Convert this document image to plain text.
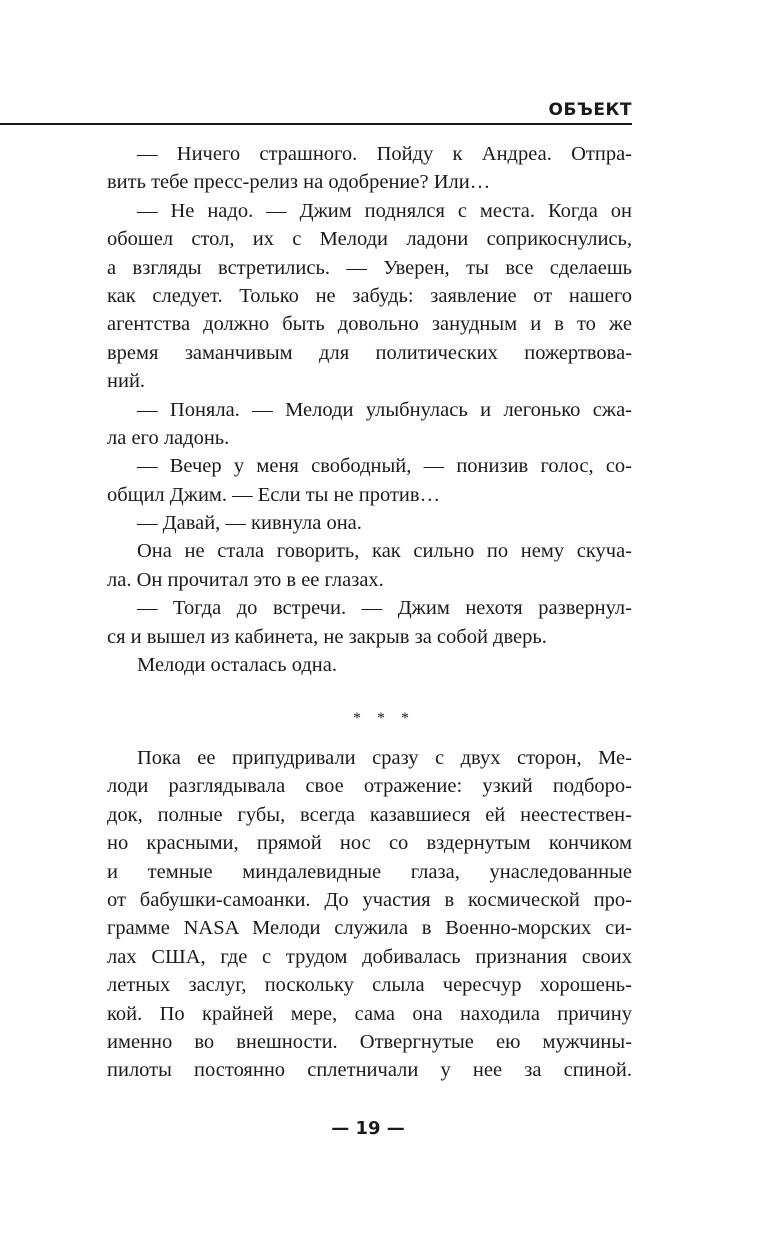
ОБЪЕКТ
— Ничего страшного. Пойду к Андреа. Отпра-
вить тебе пресс-релиз на одобрение? Или…
— Не надо. — Джим поднялся с места. Когда он
обошел стол, их с Мелоди ладони соприкоснулись,
а взгляды встретились. — Уверен, ты все сделаешь
как следует. Только не забудь: заявление от нашего
агентства должно быть довольно занудным и в то же
время заманчивым для политических пожертвова-
ний.
— Поняла. — Мелоди улыбнулась и легонько сжа-
ла его ладонь.
— Вечер у меня свободный, — понизив голос, со-
общил Джим. — Если ты не против…
— Давай, — кивнула она.
Она не стала говорить, как сильно по нему скуча-
ла. Он прочитал это в ее глазах.
— Тогда до встречи. — Джим нехотя развернул-
ся и вышел из кабинета, не закрыв за собой дверь.
Мелоди осталась одна.
* * *
Пока ее припудривали сразу с двух сторон, Ме-
лоди разглядывала свое отражение: узкий подборо-
док, полные губы, всегда казавшиеся ей неестествен-
но красными, прямой нос со вздернутым кончиком
и темные миндалевидные глаза, унаследованные
от бабушки-самоанки. До участия в космической про-
грамме NASA Мелоди служила в Военно-морских си-
лах США, где с трудом добивалась признания своих
летных заслуг, поскольку слыла чересчур хорошень-
кой. По крайней мере, сама она находила причину
именно во внешности. Отвергнутые ею мужчины-
пилоты постоянно сплетничали у нее за спиной.
— 19 —
